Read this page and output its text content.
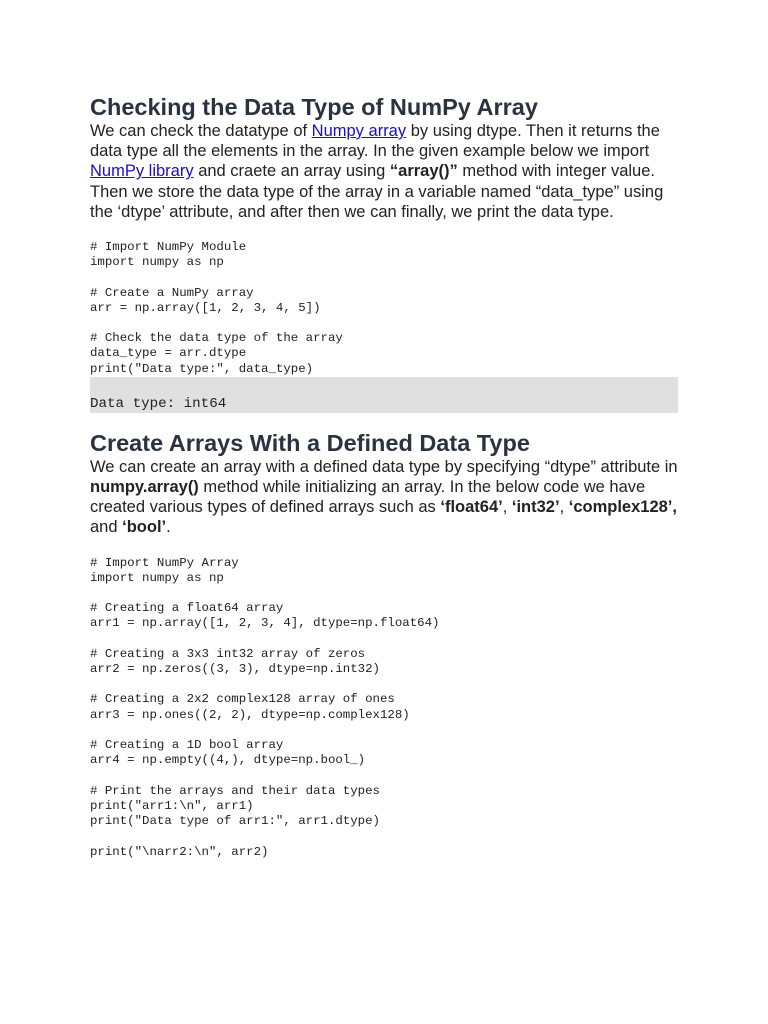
Checking the Data Type of NumPy Array

We can check the datatype of Numpy array by using dtype. Then it returns the data type all the elements in the array. In the given example below we import NumPy library and craete an array using “array()” method with integer value. Then we store the data type of the array in a variable named “data_type” using the ‘dtype’ attribute, and after then we can finally, we print the data type.

# Import NumPy Module
import numpy as np

# Create a NumPy array
arr = np.array([1, 2, 3, 4, 5])

# Check the data type of the array
data_type = arr.dtype
print("Data type:", data_type)
Data type: int64
Create Arrays With a Defined Data Type

We can create an array with a defined data type by specifying “dtype” attribute in numpy.array() method while initializing an array. In the below code we have created various types of defined arrays such as ‘float64’, ‘int32’, ‘complex128’, and ‘bool’.

# Import NumPy Array
import numpy as np

# Creating a float64 array
arr1 = np.array([1, 2, 3, 4], dtype=np.float64)

# Creating a 3x3 int32 array of zeros
arr2 = np.zeros((3, 3), dtype=np.int32)

# Creating a 2x2 complex128 array of ones
arr3 = np.ones((2, 2), dtype=np.complex128)

# Creating a 1D bool array
arr4 = np.empty((4,), dtype=np.bool_)

# Print the arrays and their data types
print("arr1:\n", arr1)
print("Data type of arr1:", arr1.dtype)

print("\narr2:\n", arr2)
